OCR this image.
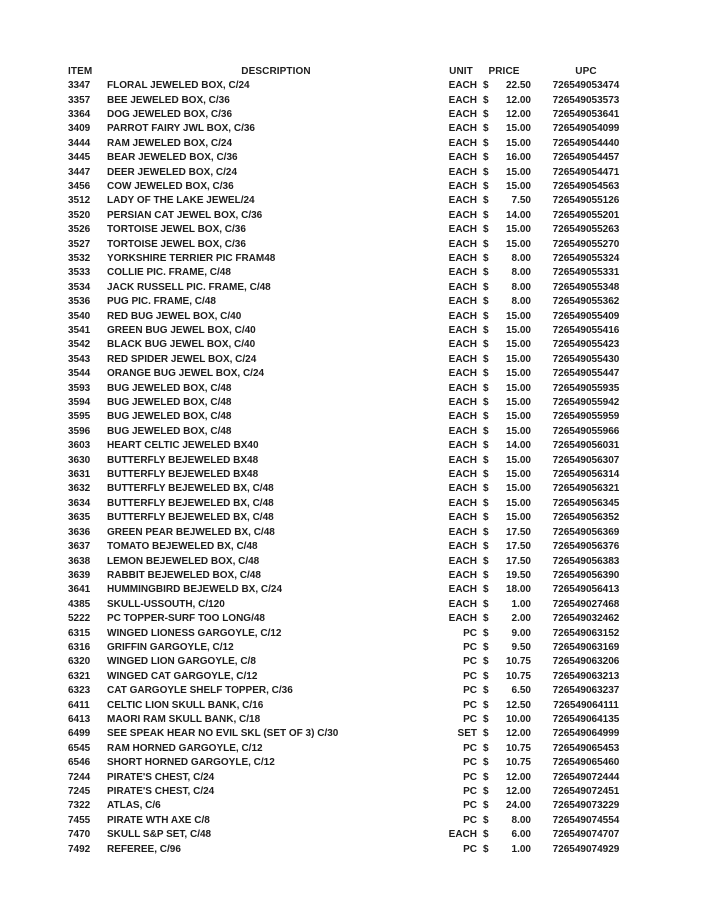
ITEM	DESCRIPTION	UNIT	PRICE	UPC
3347	FLORAL JEWELED BOX, C/24	EACH $	22.50	726549053474
3357	BEE JEWELED BOX, C/36	EACH $	12.00	726549053573
3364	DOG JEWELED BOX, C/36	EACH $	12.00	726549053641
3409	PARROT FAIRY JWL BOX, C/36	EACH $	15.00	726549054099
3444	RAM JEWELED BOX, C/24	EACH $	15.00	726549054440
3445	BEAR JEWELED BOX, C/36	EACH $	16.00	726549054457
3447	DEER JEWELED BOX, C/24	EACH $	15.00	726549054471
3456	COW JEWELED BOX, C/36	EACH $	15.00	726549054563
3512	LADY OF THE LAKE JEWEL/24	EACH $	7.50	726549055126
3520	PERSIAN CAT JEWEL BOX, C/36	EACH $	14.00	726549055201
3526	TORTOISE JEWEL BOX, C/36	EACH $	15.00	726549055263
3527	TORTOISE JEWEL BOX, C/36	EACH $	15.00	726549055270
3532	YORKSHIRE TERRIER PIC FRAM48	EACH $	8.00	726549055324
3533	COLLIE PIC. FRAME, C/48	EACH $	8.00	726549055331
3534	JACK RUSSELL PIC. FRAME, C/48	EACH $	8.00	726549055348
3536	PUG PIC. FRAME, C/48	EACH $	8.00	726549055362
3540	RED BUG JEWEL BOX, C/40	EACH $	15.00	726549055409
3541	GREEN BUG JEWEL BOX, C/40	EACH $	15.00	726549055416
3542	BLACK BUG JEWEL BOX, C/40	EACH $	15.00	726549055423
3543	RED SPIDER JEWEL BOX, C/24	EACH $	15.00	726549055430
3544	ORANGE BUG JEWEL BOX, C/24	EACH $	15.00	726549055447
3593	BUG JEWELED BOX, C/48	EACH $	15.00	726549055935
3594	BUG JEWELED BOX, C/48	EACH $	15.00	726549055942
3595	BUG JEWELED BOX, C/48	EACH $	15.00	726549055959
3596	BUG JEWELED BOX, C/48	EACH $	15.00	726549055966
3603	HEART CELTIC JEWELED BX40	EACH $	14.00	726549056031
3630	BUTTERFLY BEJEWELED BX48	EACH $	15.00	726549056307
3631	BUTTERFLY BEJEWELED BX48	EACH $	15.00	726549056314
3632	BUTTERFLY BEJEWELED BX, C/48	EACH $	15.00	726549056321
3634	BUTTERFLY BEJEWELED BX, C/48	EACH $	15.00	726549056345
3635	BUTTERFLY BEJEWELED BX, C/48	EACH $	15.00	726549056352
3636	GREEN PEAR BEJWELED BX, C/48	EACH $	17.50	726549056369
3637	TOMATO BEJEWELED BX, C/48	EACH $	17.50	726549056376
3638	LEMON BEJEWELED BOX, C/48	EACH $	17.50	726549056383
3639	RABBIT BEJEWELED BOX, C/48	EACH $	19.50	726549056390
3641	HUMMINGBIRD BEJEWELD BX, C/24	EACH $	18.00	726549056413
4385	SKULL-USSOUTH, C/120	EACH $	1.00	726549027468
5222	PC TOPPER-SURF TOO LONG/48	EACH $	2.00	726549032462
6315	WINGED LIONESS GARGOYLE, C/12	PC $	9.00	726549063152
6316	GRIFFIN GARGOYLE, C/12	PC $	9.50	726549063169
6320	WINGED LION GARGOYLE, C/8	PC $	10.75	726549063206
6321	WINGED CAT GARGOYLE, C/12	PC $	10.75	726549063213
6323	CAT GARGOYLE SHELF TOPPER, C/36	PC $	6.50	726549063237
6411	CELTIC LION SKULL BANK, C/16	PC $	12.50	726549064111
6413	MAORI RAM SKULL BANK, C/18	PC $	10.00	726549064135
6499	SEE SPEAK HEAR NO EVIL SKL (SET OF 3) C/30	SET $	12.00	726549064999
6545	RAM HORNED GARGOYLE, C/12	PC $	10.75	726549065453
6546	SHORT HORNED GARGOYLE, C/12	PC $	10.75	726549065460
7244	PIRATE'S CHEST, C/24	PC $	12.00	726549072444
7245	PIRATE'S CHEST, C/24	PC $	12.00	726549072451
7322	ATLAS, C/6	PC $	24.00	726549073229
7455	PIRATE WTH AXE C/8	PC $	8.00	726549074554
7470	SKULL S&P SET, C/48	EACH $	6.00	726549074707
7492	REFEREE, C/96	PC $	1.00	726549074929
